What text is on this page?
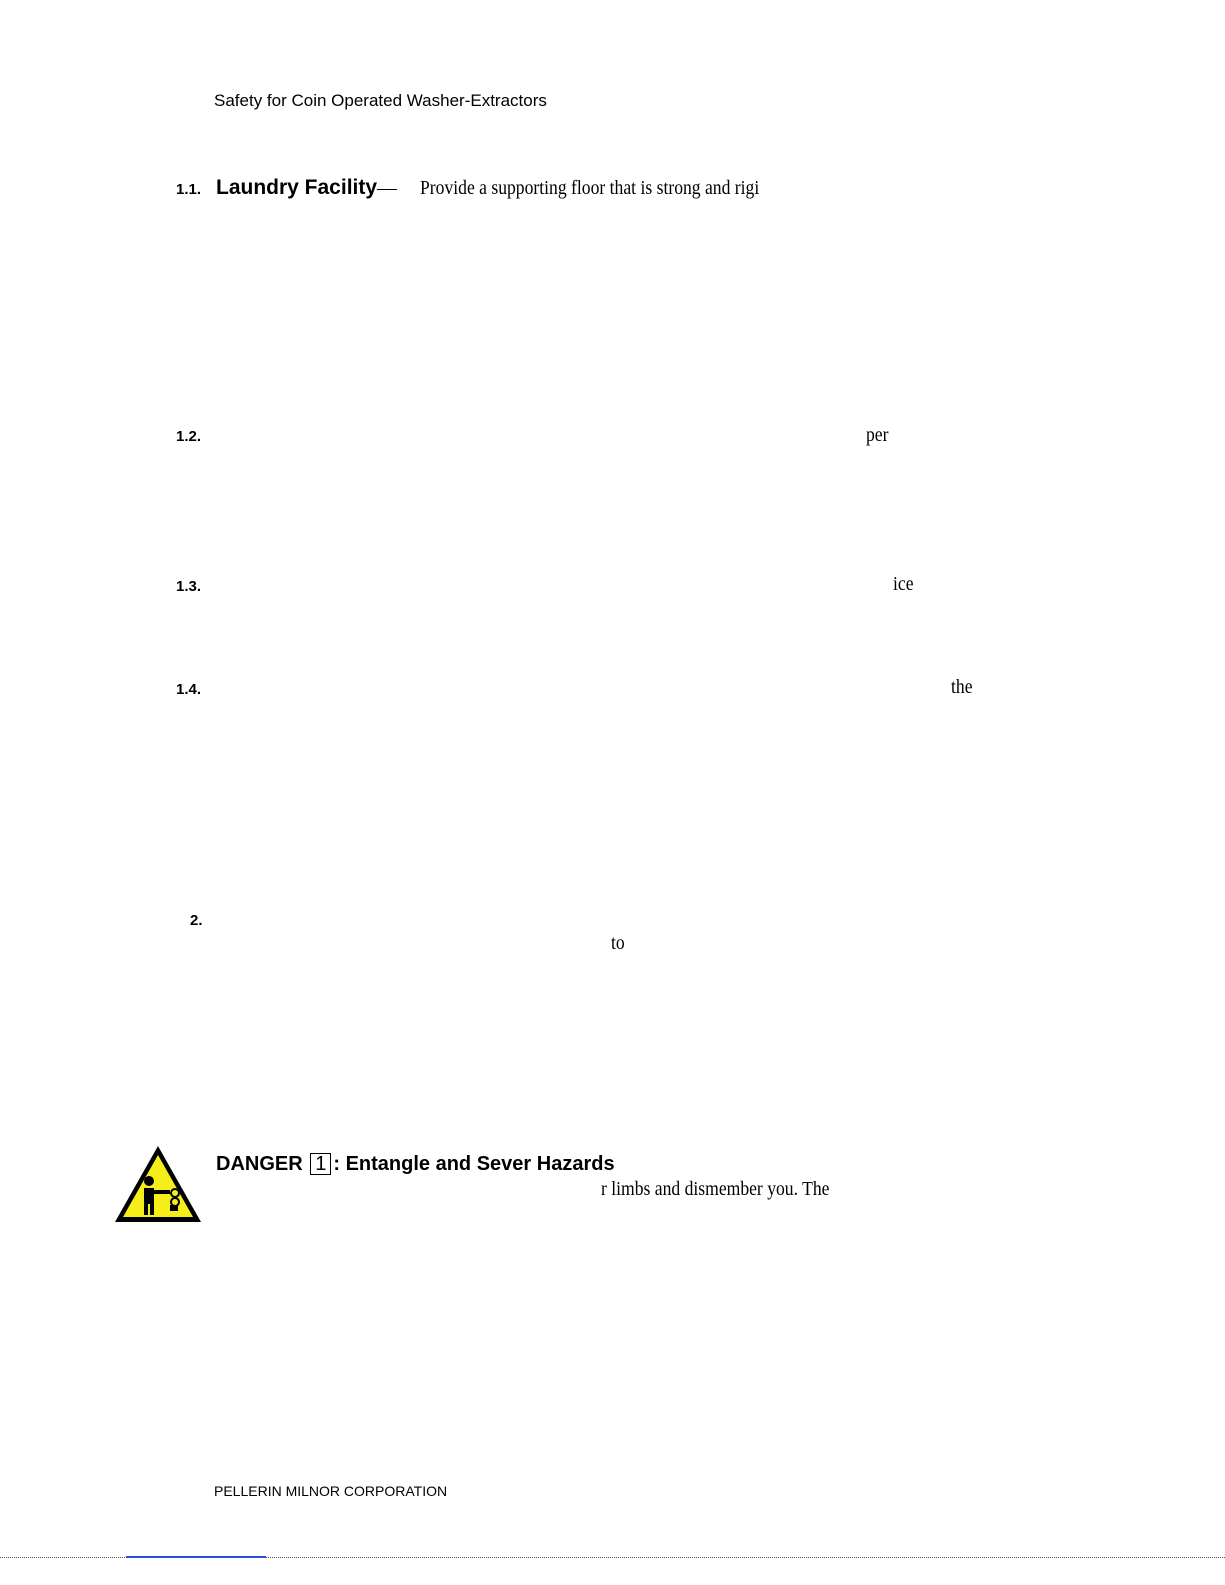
Safety for Coin Operated Washer-Extractors
1.1. Laundry Facility— Provide a supporting floor that is strong and rigi
1.2.	per
1.3.	ice
1.4.	the
2.
to
DANGER 1 : Entangle and Sever Hazards
r limbs and dismember you. The
PELLERIN MILNOR CORPORATION
